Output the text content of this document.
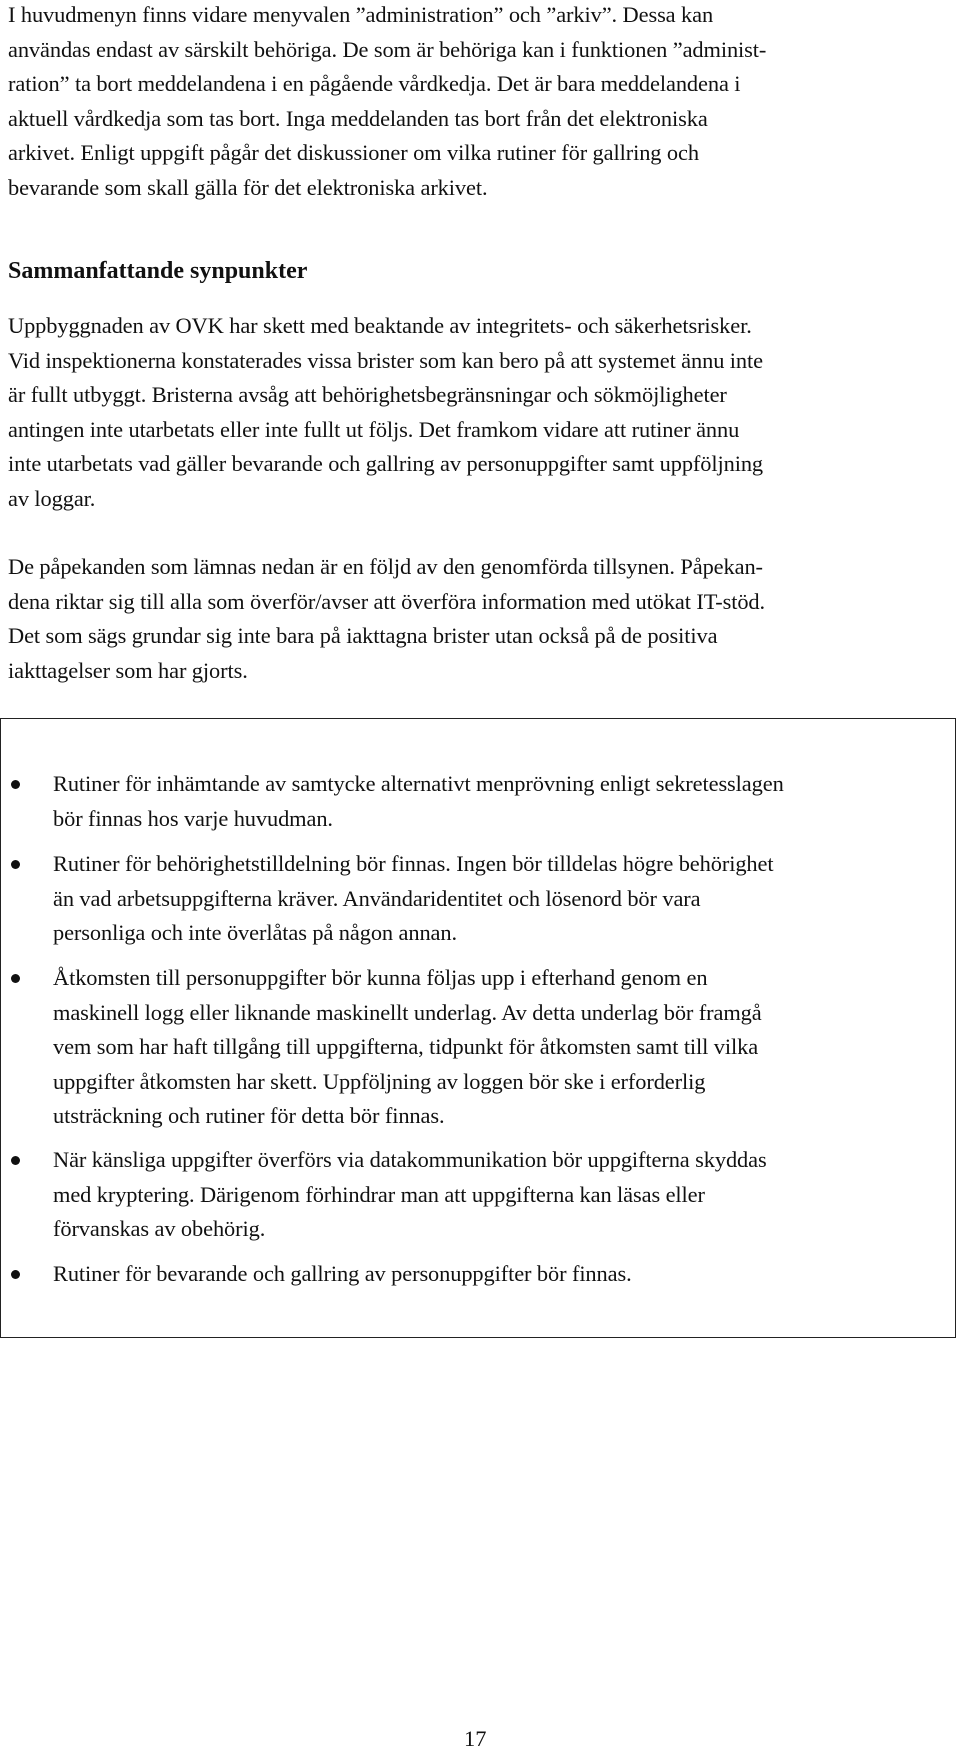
I huvudmenyn finns vidare menyvalen ”administration” och ”arkiv”. Dessa kan
användas endast av särskilt behöriga. De som är behöriga kan i funktionen ”administ-
ration” ta bort meddelandena i en pågående vårdkedja. Det är bara meddelandena i
aktuell vårdkedja som tas bort. Inga meddelanden tas bort från det elektroniska
arkivet. Enligt uppgift pågår det diskussioner om vilka rutiner för gallring och
bevarande som skall gälla för det elektroniska arkivet.

Sammanfattande synpunkter

Uppbyggnaden av OVK har skett med beaktande av integritets- och säkerhetsrisker.
Vid inspektionerna konstaterades vissa brister som kan bero på att systemet ännu inte
är fullt utbyggt. Bristerna avsåg att behörighetsbegränsningar och sökmöjligheter
antingen inte utarbetats eller inte fullt ut följs. Det framkom vidare att rutiner ännu
inte utarbetats vad gäller bevarande och gallring av personuppgifter samt uppföljning
av loggar.

De påpekanden som lämnas nedan är en följd av den genomförda tillsynen. Påpekan-
dena riktar sig till alla som överför/avser att överföra information med utökat IT-stöd.
Det som sägs grundar sig inte bara på iakttagna brister utan också på de positiva
iakttagelser som har gjorts.

Rutiner för inhämtande av samtycke alternativt menprövning enligt sekretesslagen
bör finnas hos varje huvudman.
Rutiner för behörighetstilldelning bör finnas. Ingen bör tilldelas högre behörighet
än vad arbetsuppgifterna kräver. Användaridentitet och lösenord bör vara
personliga och inte överlåtas på någon annan.
Åtkomsten till personuppgifter bör kunna följas upp i efterhand genom en
maskinell logg eller liknande maskinellt underlag. Av detta underlag bör framgå
vem som har haft tillgång till uppgifterna, tidpunkt för åtkomsten samt till vilka
uppgifter åtkomsten har skett. Uppföljning av loggen bör ske i erforderlig
utsträckning och rutiner för detta bör finnas.
När känsliga uppgifter överförs via datakommunikation bör uppgifterna skyddas
med kryptering. Därigenom förhindrar man att uppgifterna kan läsas eller
förvanskas av obehörig.
Rutiner för bevarande och gallring av personuppgifter bör finnas.
17
